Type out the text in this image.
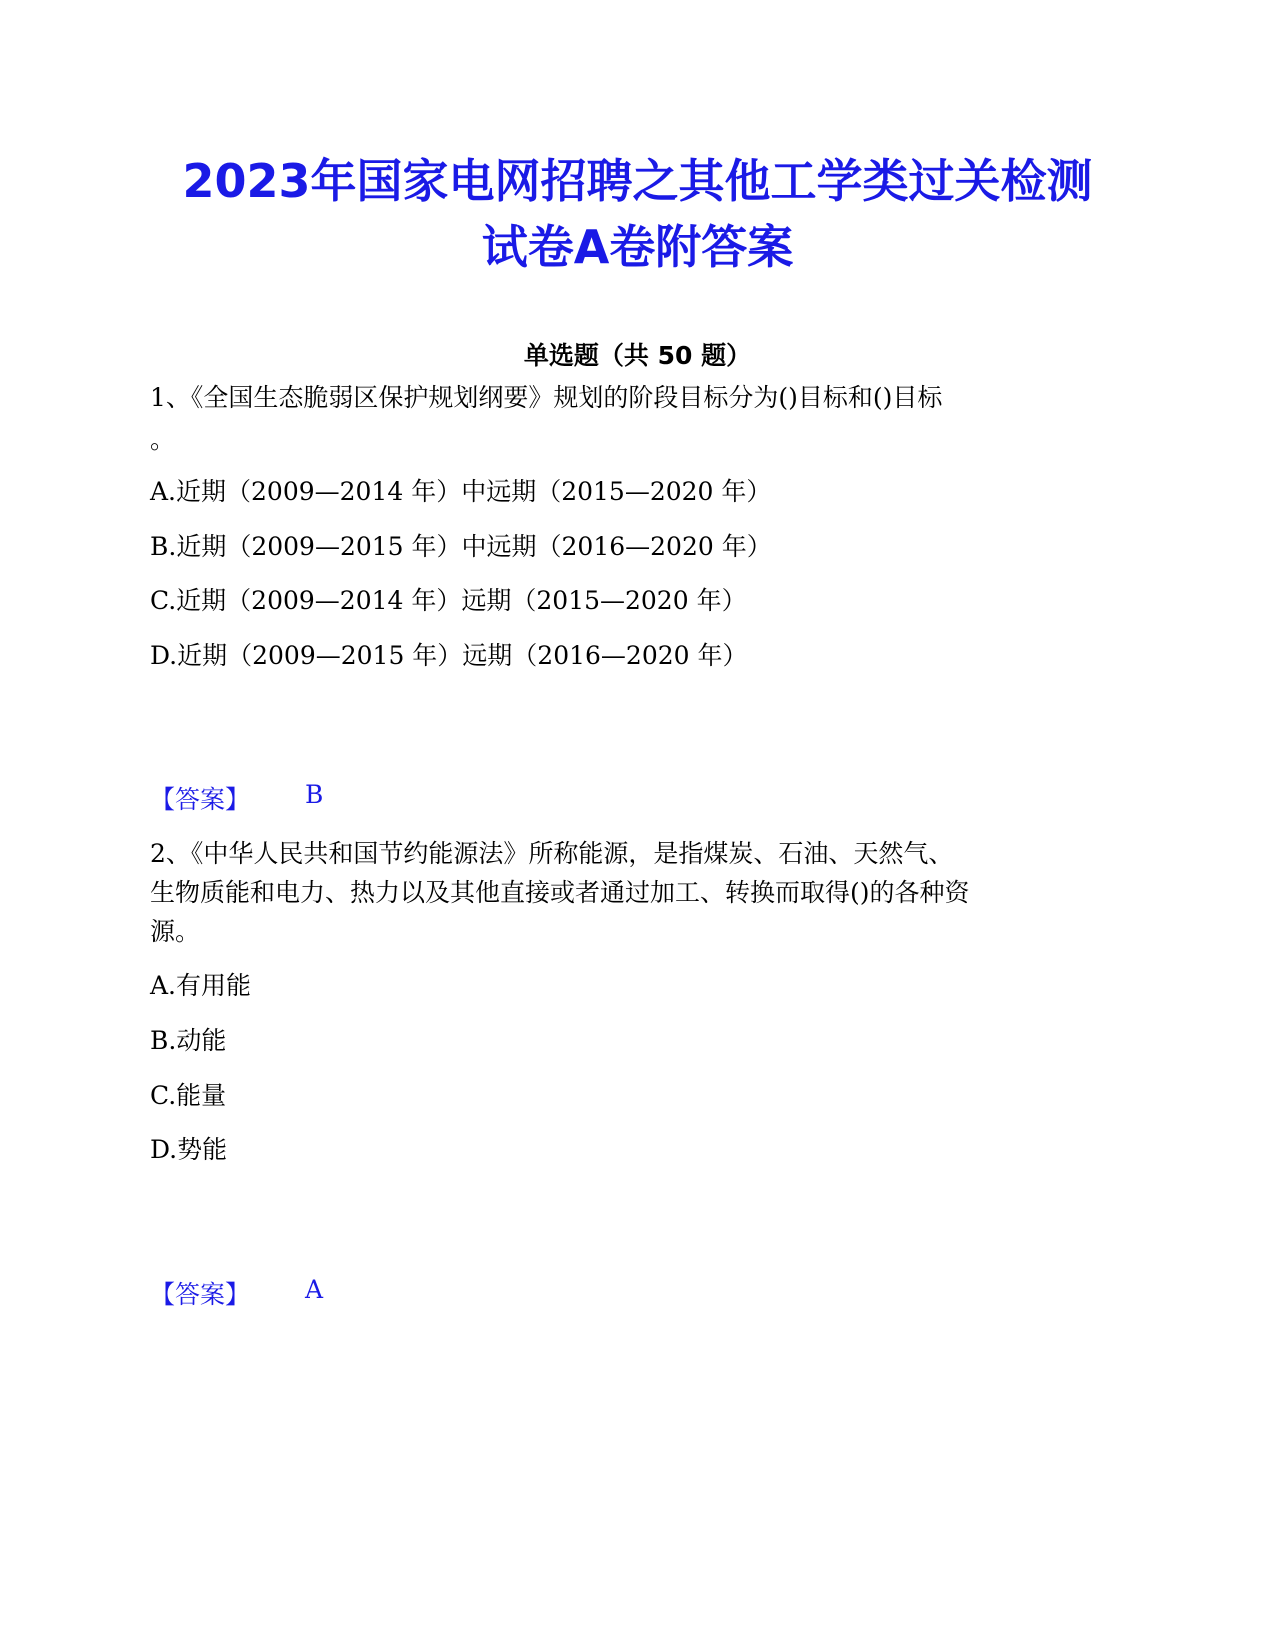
2023年国家电网招聘之其他工学类过关检测
试卷A卷附答案
单选题（共 50 题）
1、《全国生态脆弱区保护规划纲要》规划的阶段目标分为()目标和()目标
。
A.近期（2009—2014 年）中远期（2015—2020 年）
B.近期（2009—2015 年）中远期（2016—2020 年）
C.近期（2009—2014 年）远期（2015—2020 年）
D.近期（2009—2015 年）远期（2016—2020 年）
【答案】 B
2、《中华人民共和国节约能源法》所称能源，是指煤炭、石油、天然气、
生物质能和电力、热力以及其他直接或者通过加工、转换而取得()的各种资
源。
A.有用能
B.动能
C.能量
D.势能
【答案】 A
